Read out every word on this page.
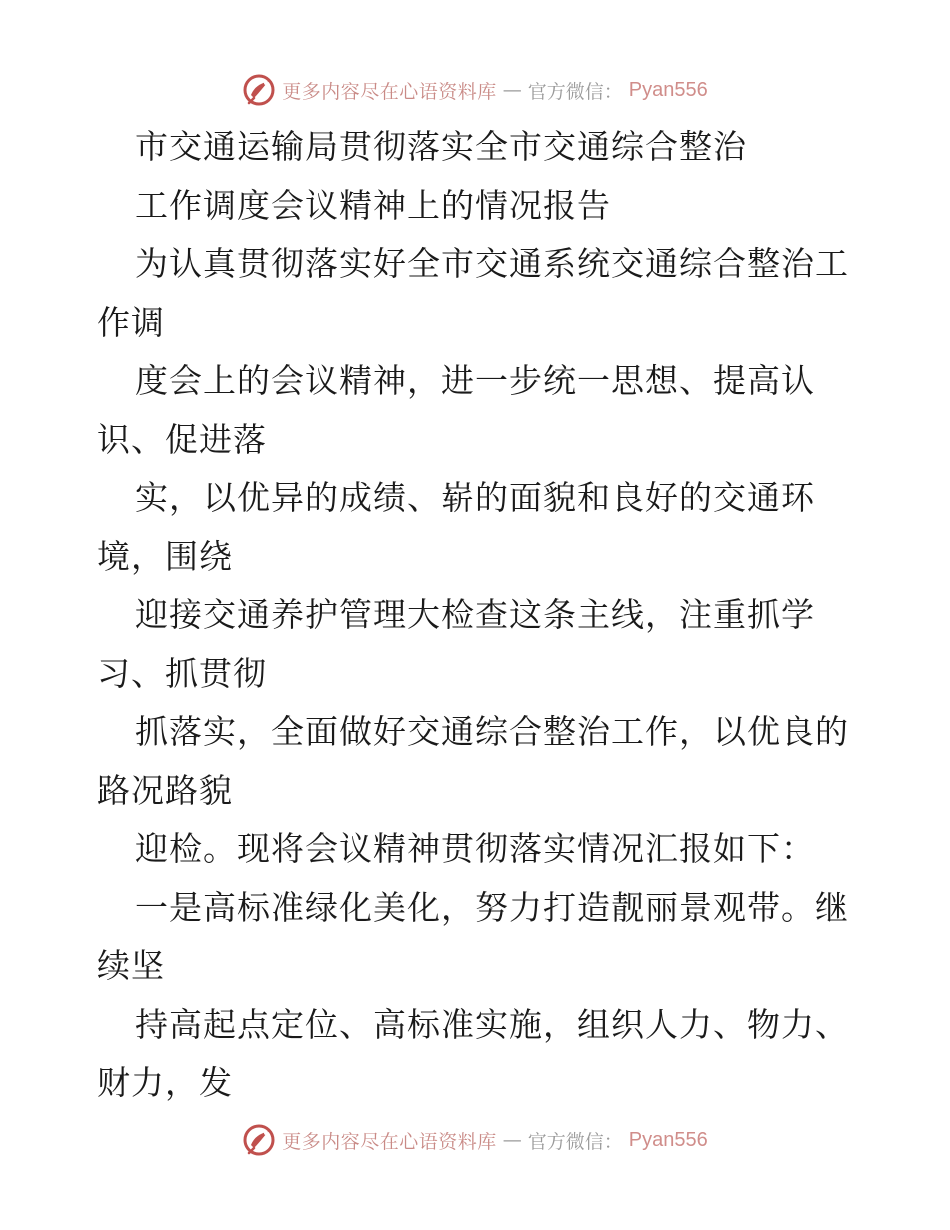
更多内容尽在心语资料库 — 官方微信： Pyan556
市交通运输局贯彻落实全市交通综合整治
工作调度会议精神上的情况报告
为认真贯彻落实好全市交通系统交通综合整治工
作调
度会上的会议精神，进一步统一思想、提高认
识、促进落
实，以优异的成绩、崭的面貌和良好的交通环
境，围绕
迎接交通养护管理大检查这条主线，注重抓学
习、抓贯彻
抓落实，全面做好交通综合整治工作，以优良的
路况路貌
迎检。现将会议精神贯彻落实情况汇报如下：
一是高标准绿化美化，努力打造靓丽景观带。继
续坚
持高起点定位、高标准实施，组织人力、物力、
财力，发
更多内容尽在心语资料库 — 官方微信： Pyan556
